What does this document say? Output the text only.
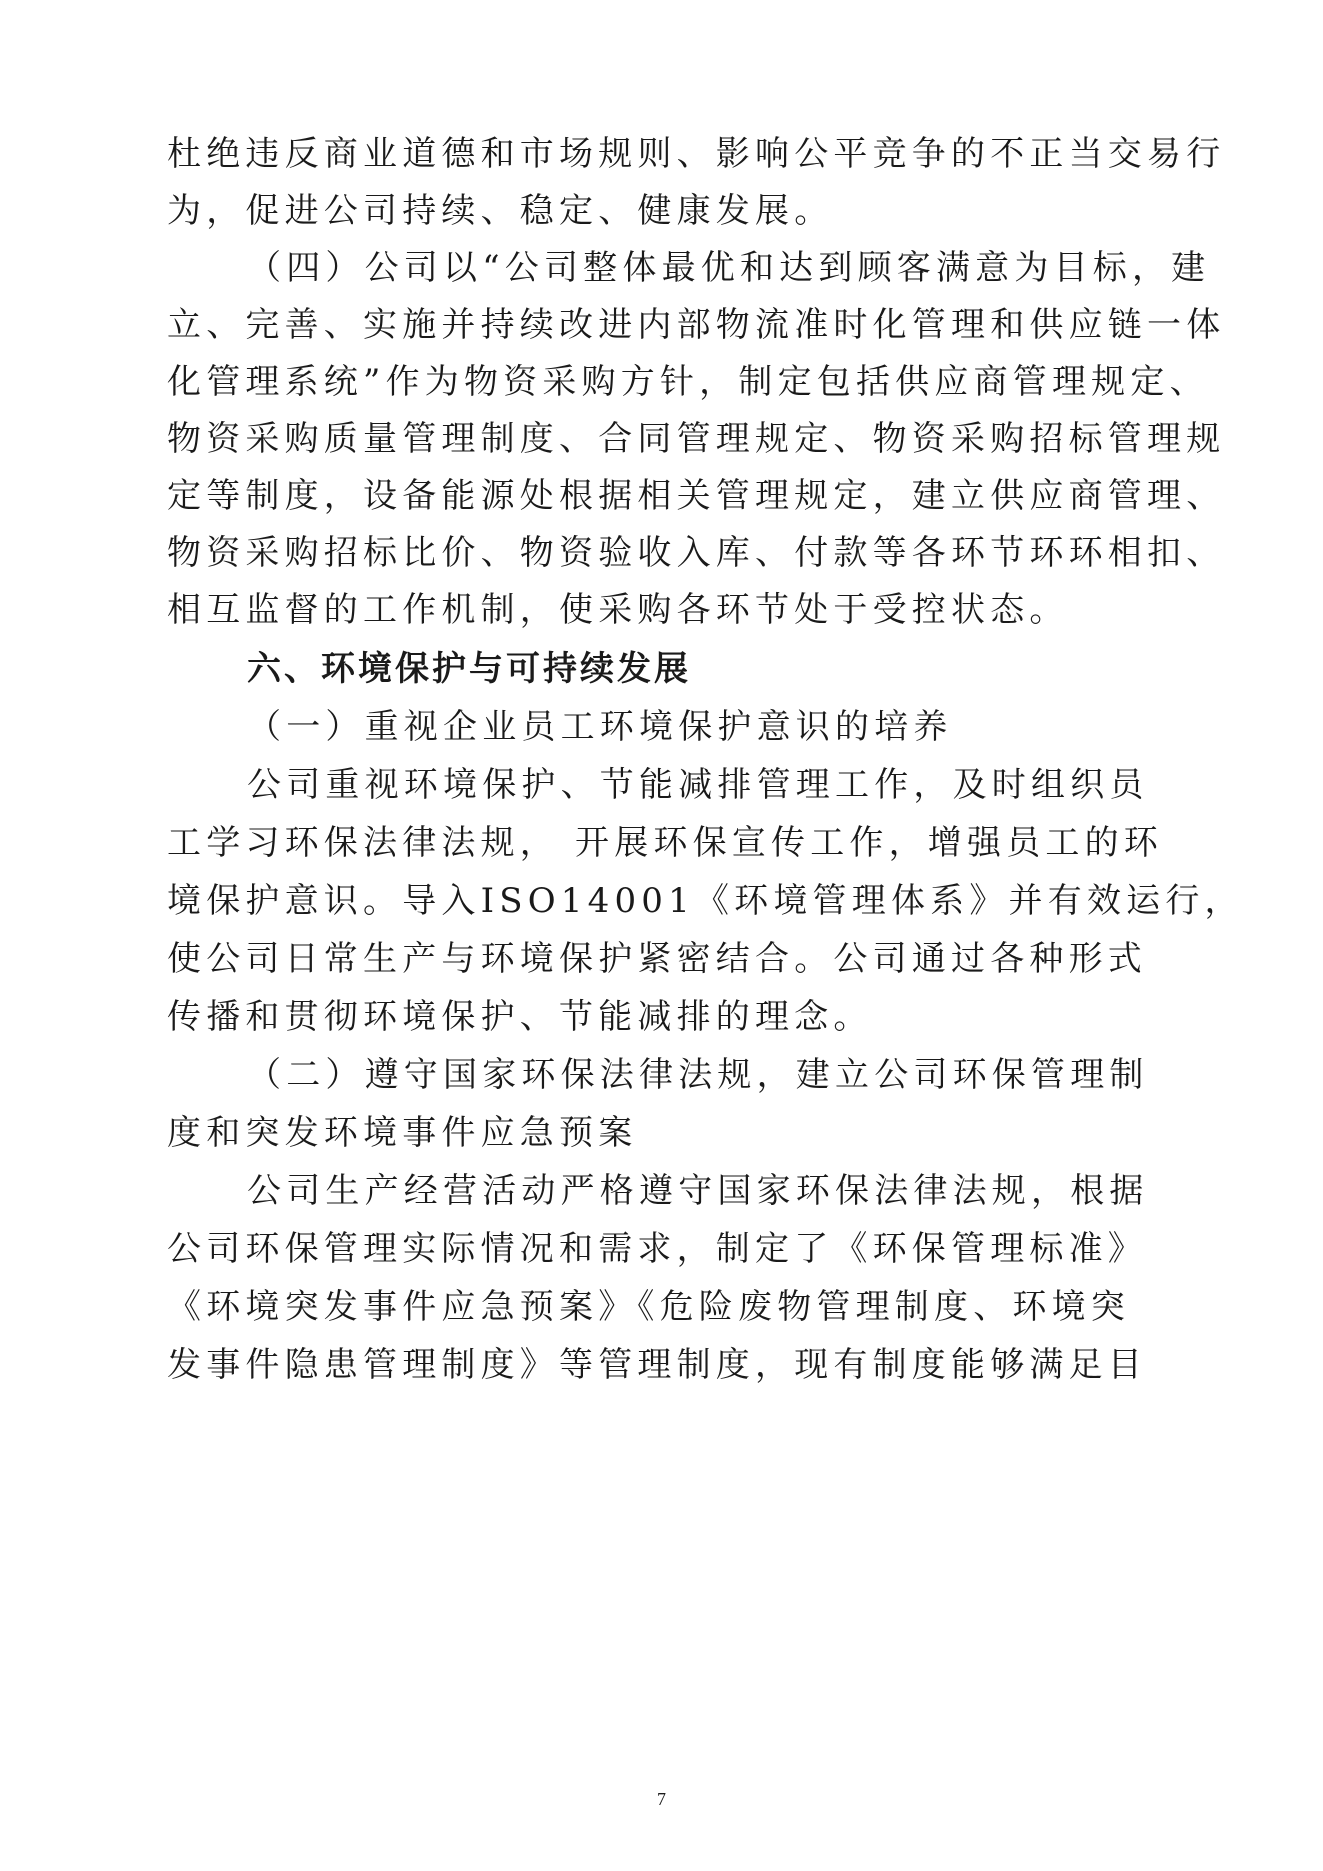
杜绝违反商业道德和市场规则、影响公平竞争的不正当交易行
为，促进公司持续、稳定、健康发展。
（四）公司以“公司整体最优和达到顾客满意为目标，建
立、完善、实施并持续改进内部物流准时化管理和供应链一体
化管理系统”作为物资采购方针，制定包括供应商管理规定、
物资采购质量管理制度、合同管理规定、物资采购招标管理规
定等制度，设备能源处根据相关管理规定，建立供应商管理、
物资采购招标比价、物资验收入库、付款等各环节环环相扣、
相互监督的工作机制，使采购各环节处于受控状态。
六、环境保护与可持续发展
（一）重视企业员工环境保护意识的培养
公司重视环境保护、节能减排管理工作，及时组织员
工学习环保法律法规， 开展环保宣传工作，增强员工的环
境保护意识。导入ISO14001《环境管理体系》并有效运行，
使公司日常生产与环境保护紧密结合。公司通过各种形式
传播和贯彻环境保护、节能减排的理念。
（二）遵守国家环保法律法规，建立公司环保管理制
度和突发环境事件应急预案
公司生产经营活动严格遵守国家环保法律法规，根据
公司环保管理实际情况和需求，制定了《环保管理标准》
《环境突发事件应急预案》《危险废物管理制度、环境突
发事件隐患管理制度》等管理制度，现有制度能够满足目
7
